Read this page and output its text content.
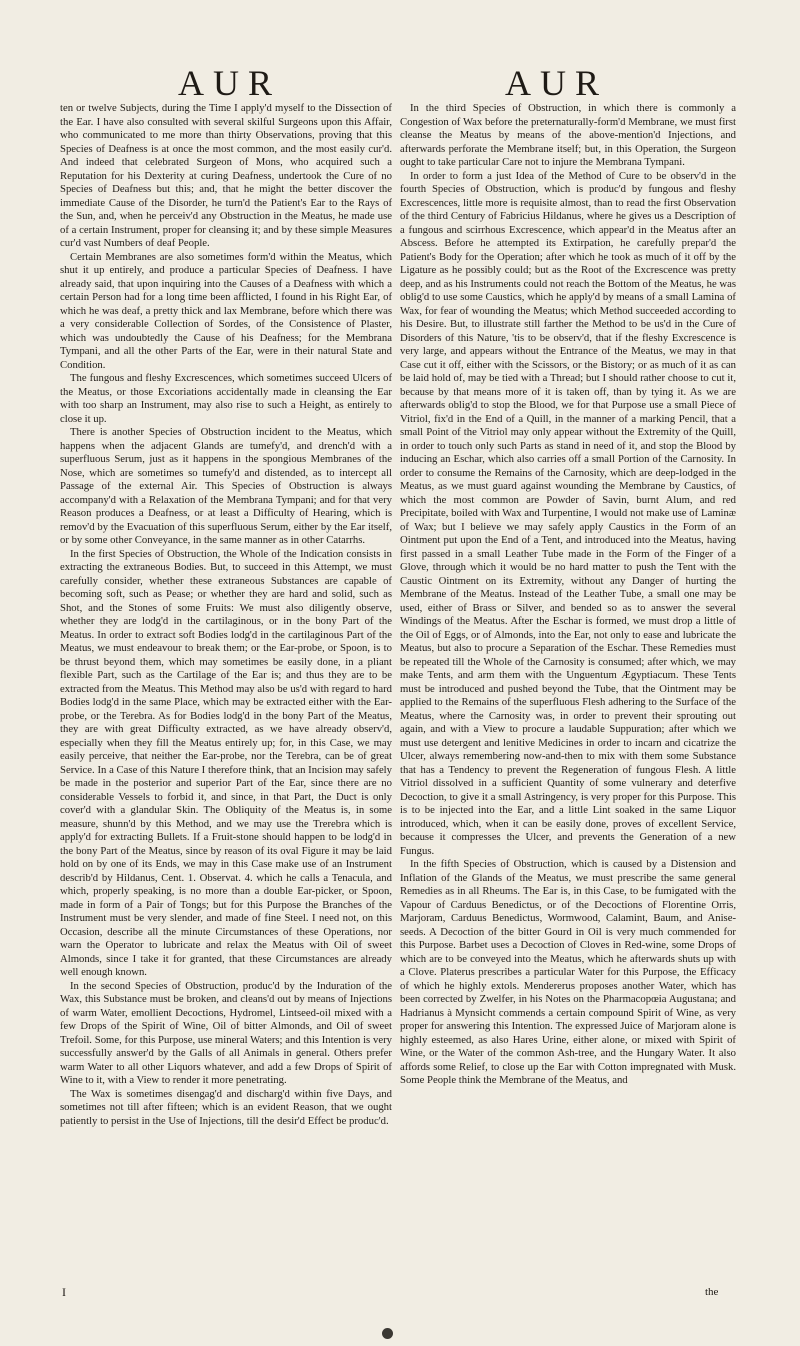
AUR	AUR

ten or twelve Subjects, during the Time I apply'd myself to the Dissection of the Ear. I have also consulted with several skilful Surgeons upon this Affair, who communicated to me more than thirty Observations, proving that this Species of Deafness is at once the most common, and the most easily cur'd. And indeed that celebrated Surgeon of Mons, who acquired such a Reputation for his Dexterity at curing Deafness, undertook the Cure of no Species of Deafness but this; and, that he might the better discover the immediate Cause of the Disorder, he turn'd the Patient's Ear to the Rays of the Sun, and, when he perceiv'd any Obstruction in the Meatus, he made use of a certain Instrument, proper for cleansing it; and by these simple Measures cur'd vast Numbers of deaf People.

Certain Membranes are also sometimes form'd within the Meatus, which shut it up entirely, and produce a particular Species of Deafness. I have already said, that upon inquiring into the Causes of a Deafness with which a certain Person had for a long time been afflicted, I found in his Right Ear, of which he was deaf, a pretty thick and lax Membrane, before which there was a very considerable Collection of Sordes, of the Consistence of Plaster, which was undoubtedly the Cause of his Deafness; for the Membrana Tympani, and all the other Parts of the Ear, were in their natural State and Condition.

The fungous and fleshy Excrescences, which sometimes succeed Ulcers of the Meatus, or those Excoriations accidentally made in cleansing the Ear with too sharp an Instrument, may also rise to such a Height, as entirely to close it up.

There is another Species of Obstruction incident to the Meatus, which happens when the adjacent Glands are tumefy'd, and drench'd with a superfluous Serum, just as it happens in the spongious Membranes of the Nose, which are sometimes so tumefy'd and distended, as to intercept all Passage of the external Air. This Species of Obstruction is always accompany'd with a Relaxation of the Membrana Tympani; and for that very Reason produces a Deafness, or at least a Difficulty of Hearing, which is remov'd by the Evacuation of this superfluous Serum, either by the Ear itself, or by some other Conveyance, in the same manner as in other Catarrhs.

In the first Species of Obstruction, the Whole of the Indication consists in extracting the extraneous Bodies. But, to succeed in this Attempt, we must carefully consider, whether these extraneous Substances are capable of becoming soft, such as Pease; or whether they are hard and solid, such as Shot, and the Stones of some Fruits: We must also diligently observe, whether they are lodg'd in the cartilaginous, or in the bony Part of the Meatus. In order to extract soft Bodies lodg'd in the cartilaginous Part of the Meatus, we must endeavour to break them; or the Ear-probe, or Spoon, is to be thrust beyond them, which may sometimes be easily done, in a pliant flexible Part, such as the Cartilage of the Ear is; and thus they are to be extracted from the Meatus. This Method may also be us'd with regard to hard Bodies lodg'd in the same Place, which may be extracted either with the Ear-probe, or the Terebra. As for Bodies lodg'd in the bony Part of the Meatus, they are with great Difficulty extracted, as we have already observ'd, especially when they fill the Meatus entirely up; for, in this Case, we may easily perceive, that neither the Ear-probe, nor the Terebra, can be of great Service. In a Case of this Nature I therefore think, that an Incision may safely be made in the posterior and superior Part of the Ear, since there are no considerable Vessels to forbid it, and since, in that Part, the Duct is only cover'd with a glandular Skin. The Obliquity of the Meatus is, in some measure, shunn'd by this Method, and we may use the Trerebra which is apply'd for extracting Bullets. If a Fruit-stone should happen to be lodg'd in the bony Part of the Meatus, since by reason of its oval Figure it may be laid hold on by one of its Ends, we may in this Case make use of an Instrument describ'd by Hildanus, Cent. 1. Observat. 4. which he calls a Tenacula, and which, properly speaking, is no more than a double Ear-picker, or Spoon, made in form of a Pair of Tongs; but for this Purpose the Branches of the Instrument must be very slender, and made of fine Steel. I need not, on this Occasion, describe all the minute Circumstances of these Operations, nor warn the Operator to lubricate and relax the Meatus with Oil of sweet Almonds, since I take it for granted, that these Circumstances are already well enough known.

In the second Species of Obstruction, produc'd by the Induration of the Wax, this Substance must be broken, and cleans'd out by means of Injections of warm Water, emollient Decoctions, Hydromel, Lintseed-oil mixed with a few Drops of the Spirit of Wine, Oil of bitter Almonds, and Oil of sweet Trefoil. Some, for this Purpose, use mineral Waters; and this Intention is very successfully answer'd by the Galls of all Animals in general. Others prefer warm Water to all other Liquors whatever, and add a few Drops of Spirit of Wine to it, with a View to render it more penetrating.

The Wax is sometimes disengag'd and discharg'd within five Days, and sometimes not till after fifteen; which is an evident Reason, that we ought patiently to persist in the Use of Injections, till the desir'd Effect be produc'd.

In the third Species of Obstruction, in which there is commonly a Congestion of Wax before the preternaturally-form'd Membrane, we must first cleanse the Meatus by means of the above-mention'd Injections, and afterwards perforate the Membrane itself; but, in this Operation, the Surgeon ought to take particular Care not to injure the Membrana Tympani.

In order to form a just Idea of the Method of Cure to be observ'd in the fourth Species of Obstruction, which is produc'd by fungous and fleshy Excrescences, little more is requisite almost, than to read the first Observation of the third Century of Fabricius Hildanus, where he gives us a Description of a fungous and scirrhous Excrescence, which appear'd in the Meatus after an Abscess. Before he attempted its Extirpation, he carefully prepar'd the Patient's Body for the Operation; after which he took as much of it off by the Ligature as he possibly could; but as the Root of the Excrescence was pretty deep, and as his Instruments could not reach the Bottom of the Meatus, he was oblig'd to use some Caustics, which he apply'd by means of a small Lamina of Wax, for fear of wounding the Meatus; which Method succeeded according to his Desire. But, to illustrate still farther the Method to be us'd in the Cure of Disorders of this Nature, 'tis to be observ'd, that if the fleshy Excrescence is very large, and appears without the Entrance of the Meatus, we may in that Case cut it off, either with the Scissors, or the Bistory; or as much of it as can be laid hold of, may be tied with a Thread; but I should rather choose to cut it, because by that means more of it is taken off, than by tying it. As we are afterwards oblig'd to stop the Blood, we for that Purpose use a small Piece of Vitriol, fix'd in the End of a Quill, in the manner of a marking Pencil, that a small Point of the Vitriol may only appear without the Extremity of the Quill, in order to touch only such Parts as stand in need of it, and stop the Blood by inducing an Eschar, which also carries off a small Portion of the Carnosity. In order to consume the Remains of the Carnosity, which are deep-lodged in the Meatus, as we must guard against wounding the Membrane by Caustics, of which the most common are Powder of Savin, burnt Alum, and red Precipitate, boiled with Wax and Turpentine, I would not make use of Laminæ of Wax; but I believe we may safely apply Caustics in the Form of an Ointment put upon the End of a Tent, and introduced into the Meatus, having first passed in a small Leather Tube made in the Form of the Finger of a Glove, through which it would be no hard matter to push the Tent with the Caustic Ointment on its Extremity, without any Danger of hurting the Membrane of the Meatus. Instead of the Leather Tube, a small one may be used, either of Brass or Silver, and bended so as to answer the several Windings of the Meatus. After the Eschar is formed, we must drop a little of the Oil of Eggs, or of Almonds, into the Ear, not only to ease and lubricate the Meatus, but also to procure a Separation of the Eschar. These Remedies must be repeated till the Whole of the Carnosity is consumed; after which, we may make Tents, and arm them with the Unguentum Ægyptiacum. These Tents must be introduced and pushed beyond the Tube, that the Ointment may be applied to the Remains of the superfluous Flesh adhering to the Surface of the Meatus, where the Carnosity was, in order to prevent their sprouting out again, and with a View to procure a laudable Suppuration; after which we must use detergent and lenitive Medicines in order to incarn and cicatrize the Ulcer, always remembering now-and-then to mix with them some Substance that has a Tendency to prevent the Regeneration of fungous Flesh. A little Vitriol dissolved in a sufficient Quantity of some vulnerary and deterfive Decoction, to give it a small Astringency, is very proper for this Purpose. This is to be injected into the Ear, and a little Lint soaked in the same Liquor introduced, which, when it can be easily done, proves of excellent Service, because it compresses the Ulcer, and prevents the Generation of a new Fungus.

In the fifth Species of Obstruction, which is caused by a Distension and Inflation of the Glands of the Meatus, we must prescribe the same general Remedies as in all Rheums. The Ear is, in this Case, to be fumigated with the Vapour of Carduus Benedictus, or of the Decoctions of Florentine Orris, Marjoram, Carduus Benedictus, Wormwood, Calamint, Baum, and Anise-seeds. A Decoction of the bitter Gourd in Oil is very much commended for this Purpose. Barbet uses a Decoction of Cloves in Red-wine, some Drops of which are to be conveyed into the Meatus, which he afterwards shuts up with a Clove. Platerus prescribes a particular Water for this Purpose, the Efficacy of which he highly extols. Mendererus proposes another Water, which has been corrected by Zwelfer, in his Notes on the Pharmacopœia Augustana; and Hadrianus à Mynsicht commends a certain compound Spirit of Wine, as very proper for answering this Intention. The expressed Juice of Marjoram alone is highly esteemed, as also Hares Urine, either alone, or mixed with Spirit of Wine, or the Water of the common Ash-tree, and the Hungary Water. It also affords some Relief, to close up the Ear with Cotton impregnated with Musk. Some People think the Membrane of the Meatus, and

I	the
